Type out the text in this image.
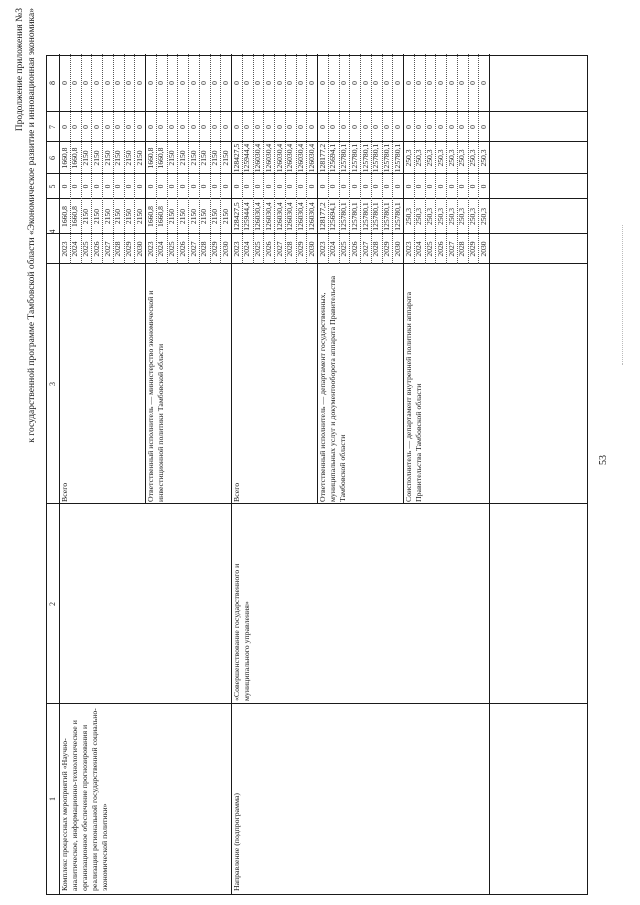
53
Продолжение приложения №3 к государственной программе Тамбовской области «Экономическое развитие и инновационная экономика»
1
2
3
4
5
6
7
8
2023
1660,8
0
1660,8
0
0
2024
1660,8
0
1660,8
0
0
2025
2150
0
2150
0
0
2026
2150
0
2150
0
0
2027
2150
0
2150
0
0
2028
2150
0
2150
0
0
2029
2150
0
2150
0
0
2030
2150
0
2150
0
0
Всего
2023
1660,8
0
1660,8
0
0
2024
1660,8
0
1660,8
0
0
2025
2150
0
2150
0
0
2026
2150
0
2150
0
0
2027
2150
0
2150
0
0
2028
2150
0
2150
0
0
2029
2150
0
2150
0
0
2030
2150
0
2150
0
0
Ответственный исполнитель — министерство экономической и инвестиционной политики Тамбовской области
Комплекс процессных мероприятий «Научно-аналитическое, информационно-технологическое и организационное обеспечение прогнозирования и реализации региональной государственной социально-экономической политики»
2023
128427,5
0
128427,5
0
0
2024
125944,4
0
125944,4
0
0
2025
126030,4
0
126030,4
0
0
2026
126030,4
0
126030,4
0
0
2027
126030,4
0
126030,4
0
0
2028
126030,4
0
126030,4
0
0
2029
126030,4
0
126030,4
0
0
2030
126030,4
0
126030,4
0
0
Всего
2023
128177,2
0
128177,2
0
0
2024
125694,1
0
125694,1
0
0
2025
125780,1
0
125780,1
0
0
2026
125780,1
0
125780,1
0
0
2027
125780,1
0
125780,1
0
0
2028
125780,1
0
125780,1
0
0
2029
125780,1
0
125780,1
0
0
2030
125780,1
0
125780,1
0
0
Ответственный исполнитель — департамент государственных, муниципальных услуг и документооборота аппарата Правительства Тамбовской области
2023
250,3
0
250,3
0
0
2024
250,3
0
250,3
0
0
2025
250,3
0
250,3
0
0
2026
250,3
0
250,3
0
0
2027
250,3
0
250,3
0
0
2028
250,3
0
250,3
0
0
2029
250,3
0
250,3
0
0
2030
250,3
0
250,3
0
0
Соисполнитель — департамент внутренней политики аппарата Правительства Тамбовской области
Направление (подпрограмма)
«Совершенствование государственного и муниципального управления»
